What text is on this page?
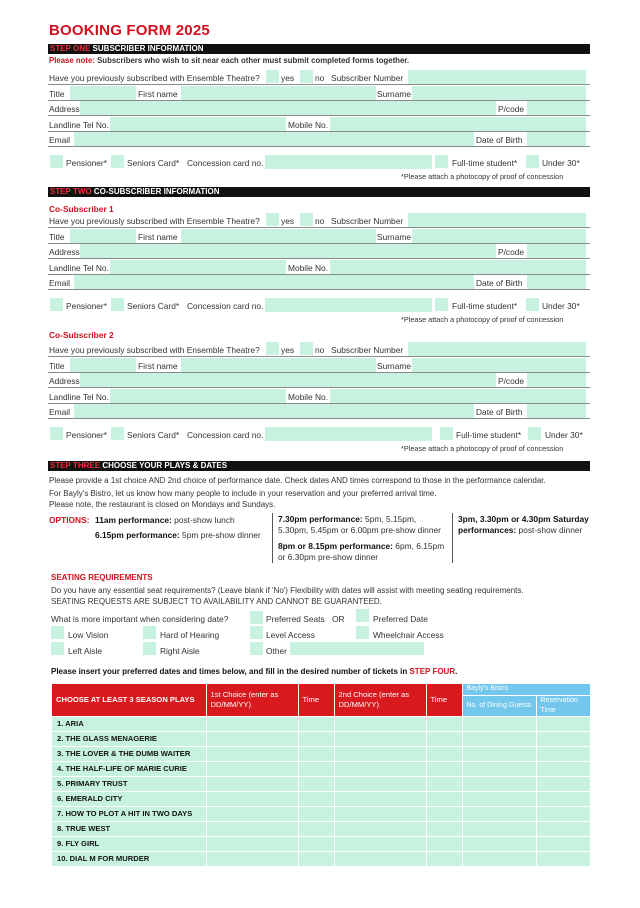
BOOKING FORM 2025
STEP ONE SUBSCRIBER INFORMATION
Please note: Subscribers who wish to sit near each other must submit completed forms together.
Have you previously subscribed with Ensemble Theatre?	yes no Subscriber Number
Title	First name	Surname
Address	P/code
Landline Tel No.	Mobile No.
Email	Date of Birth
Pensioner* Seniors Card* Concession card no.	Full-time student*	Under 30*
*Please attach a photocopy of proof of concession
STEP TWO CO-SUBSCRIBER INFORMATION
Co-Subscriber 1
Have you previously subscribed with Ensemble Theatre?	yes no Subscriber Number
Title	First name	Surname
Address	P/code
Landline Tel No.	Mobile No.
Email	Date of Birth
Pensioner* Seniors Card* Concession card no.	Full-time student*	Under 30*
*Please attach a photocopy of proof of concession
Co-Subscriber 2
Have you previously subscribed with Ensemble Theatre?	yes no Subscriber Number
Title	First name	Surname
Address	P/code
Landline Tel No.	Mobile No.
Email	Date of Birth
Pensioner* Seniors Card* Concession card no.	Full-time student*	Under 30*
*Please attach a photocopy of proof of concession
STEP THREE CHOOSE YOUR PLAYS & DATES
Please provide a 1st choice AND 2nd choice of performance date. Check dates AND times correspond to those in the performance calendar.
For Bayly's Bistro, let us know how many people to include in your reservation and your preferred arrival time.
Please note, the restaurant is closed on Mondays and Sundays.
OPTIONS: 11am performance: post-show lunch
6.15pm performance: 5pm pre-show dinner
7.30pm performance: 5pm, 5.15pm,
5.30pm, 5.45pm or 6.00pm pre-show dinner
8pm or 8.15pm performance: 6pm, 6.15pm
or 6.30pm pre-show dinner
3pm, 3.30pm or 4.30pm Saturday
performances: post-show dinner
SEATING REQUIREMENTS
Do you have any essential seat requirements? (Leave blank if 'No') Flexibility with dates will assist with meeting seating requirements.
SEATING REQUESTS ARE SUBJECT TO AVAILABILITY AND CANNOT BE GUARANTEED.
What is more important when considering date?	Preferred Seats OR	Preferred Date
Low Vision	Hard of Hearing	Level Access	Wheelchair Access
Left Aisle	Right Aisle	Other
Please insert your preferred dates and times below, and fill in the desired number of tickets in STEP FOUR.
CHOOSE AT LEAST 3 SEASON PLAYS	1st Choice (enter as DD/MM/YY)	Time	2nd Choice (enter as DD/MM/YY)	Time	Bayly's Bistro	
					No. of Dining Guests	Reservation Time
1. ARIA						
2. THE GLASS MENAGERIE						
3. THE LOVER & THE DUMB WAITER						
4. THE HALF-LIFE OF MARIE CURIE						
5. PRIMARY TRUST						
6. EMERALD CITY						
7. HOW TO PLOT A HIT IN TWO DAYS						
8. TRUE WEST						
9. FLY GIRL						
10. DIAL M FOR MURDER						
